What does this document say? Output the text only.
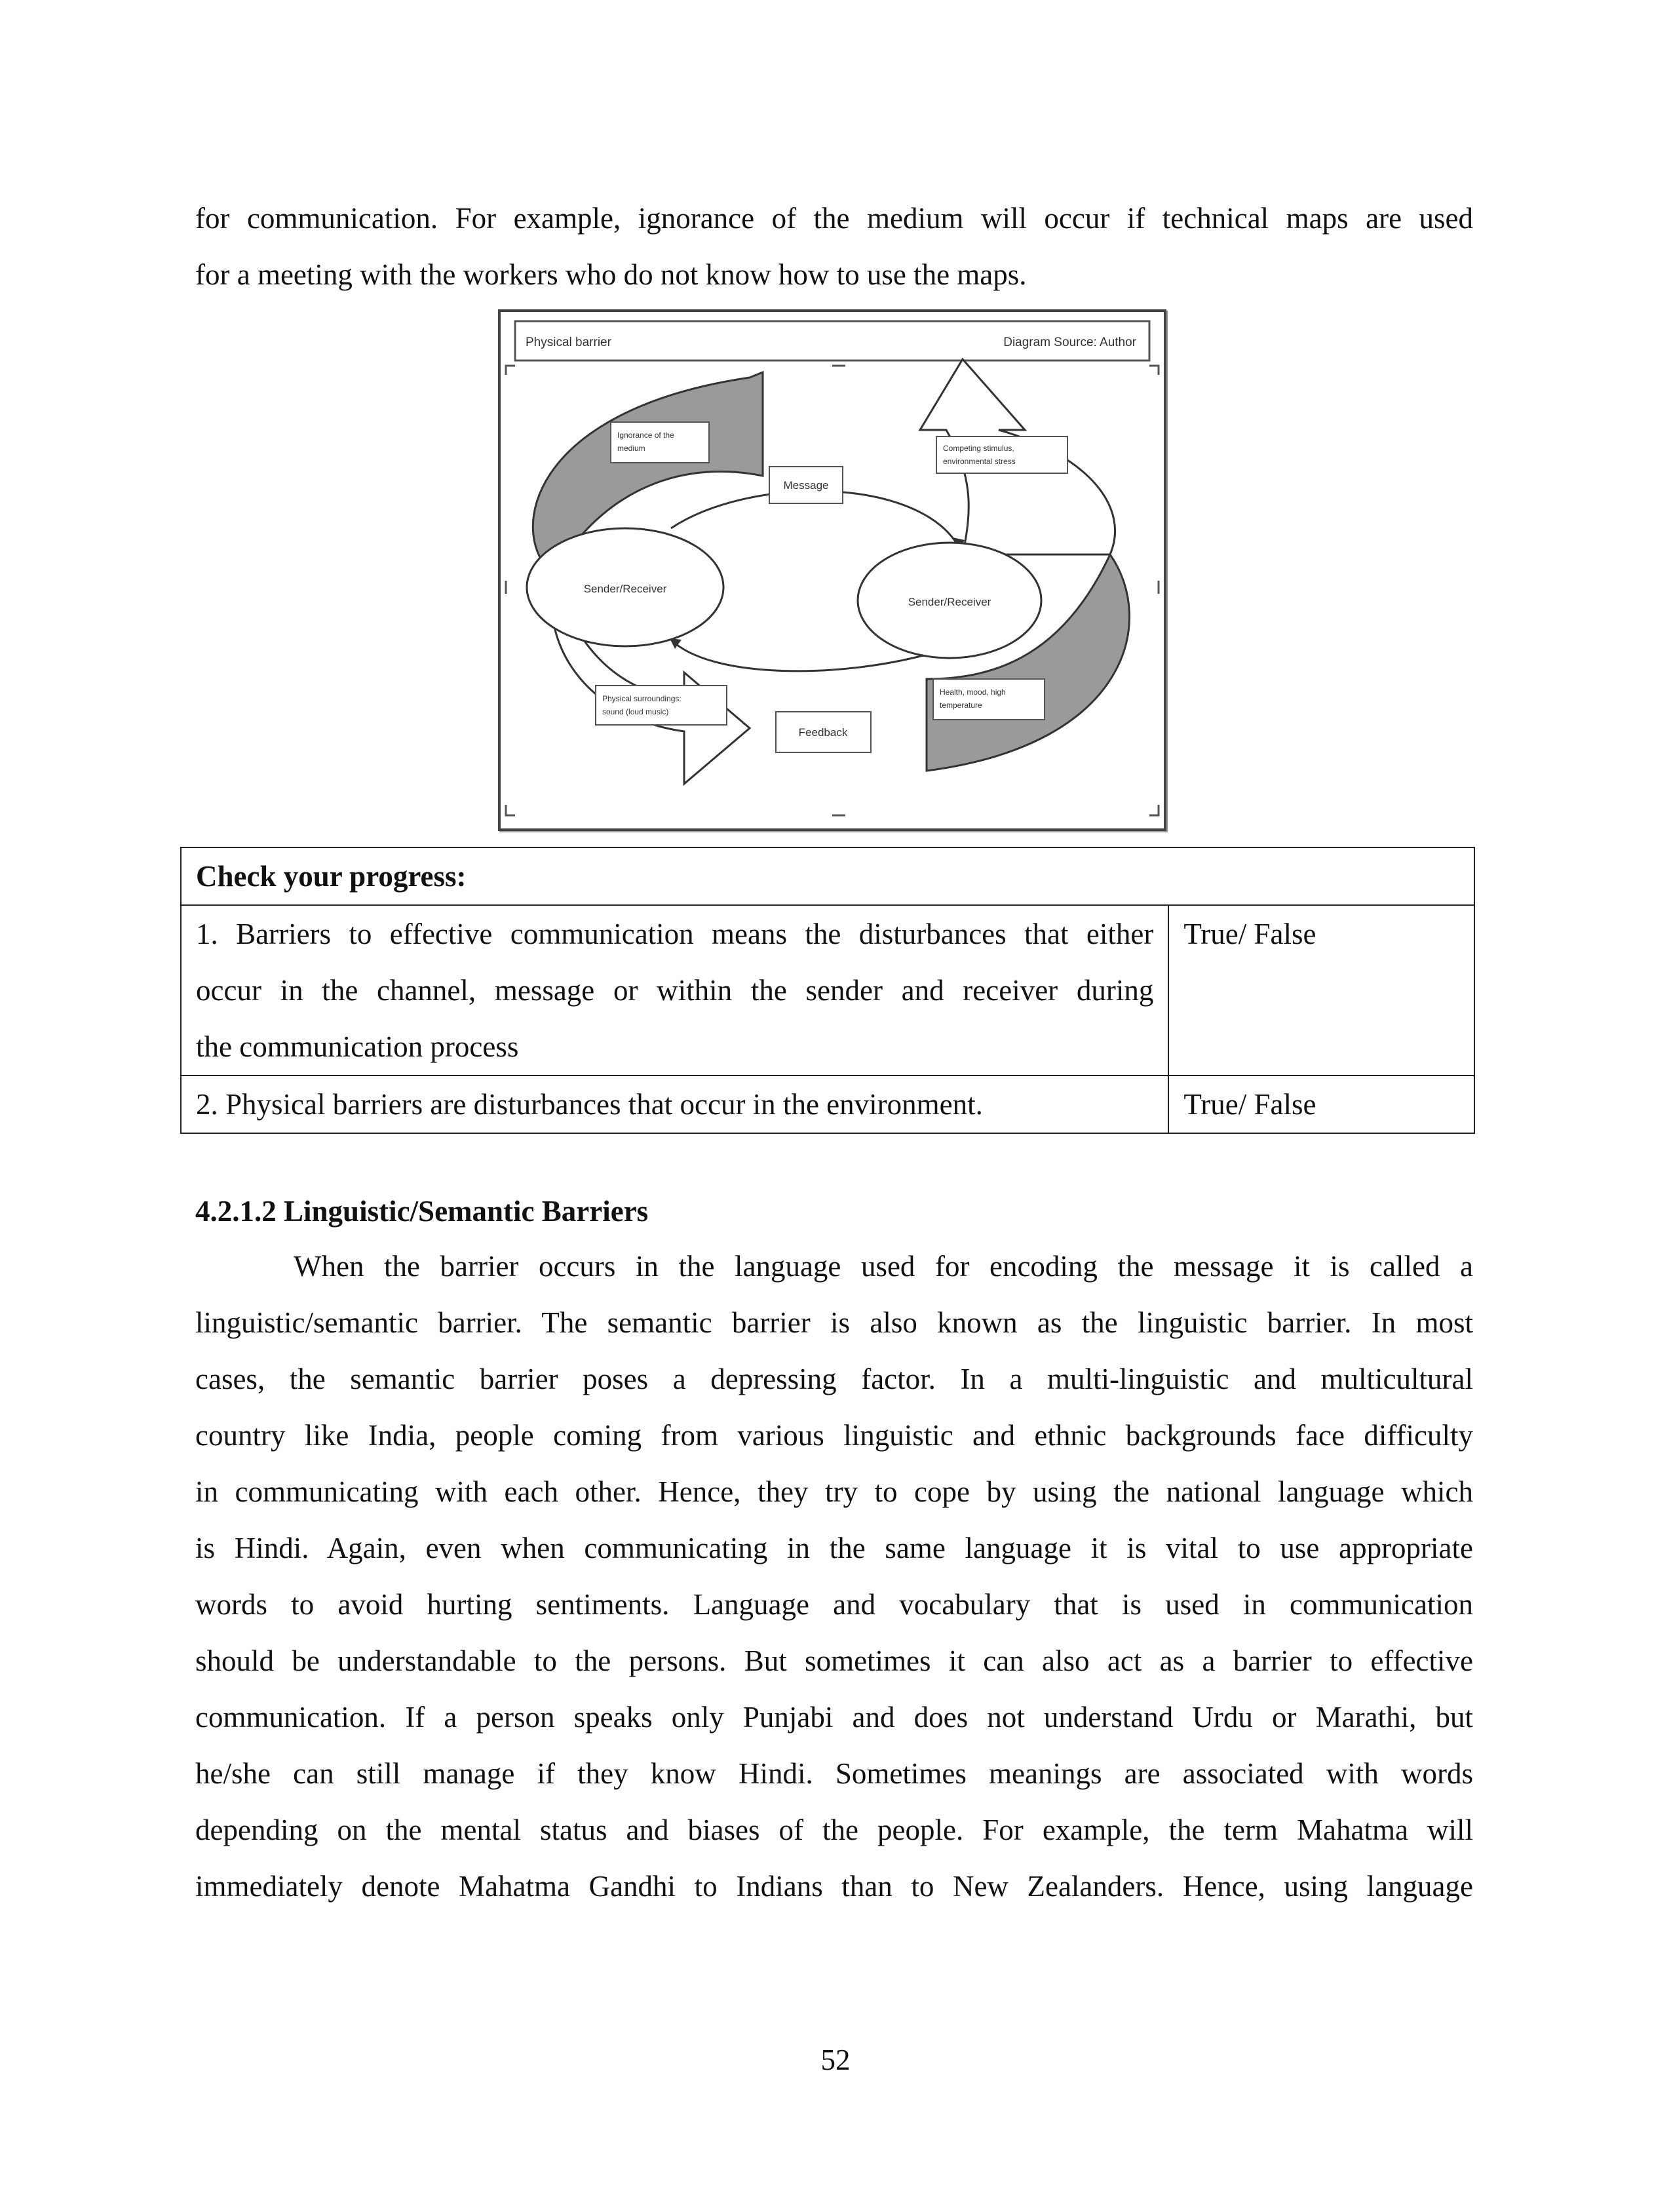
for communication. For example, ignorance of the medium will occur if technical maps are used
for a meeting with the workers who do not know how to use the maps.
Physical barrier	Diagram Source: Author
Sender/Receiver
Sender/Receiver
Ignorance of the
medium
Message
Competing stimulus,
environmental stress
Physical surroundings:
sound (loud music)
Health, mood, high
temperature
Feedback
Check your progress:	

1. Barriers to effective communication means the disturbances that either
occur in the channel, message or within the sender and receiver during
the communication process	True/ False

2. Physical barriers are disturbances that occur in the environment.	True/ False
4.2.1.2 Linguistic/Semantic Barriers
When the barrier occurs in the language used for encoding the message it is called a
linguistic/semantic barrier. The semantic barrier is also known as the linguistic barrier. In most
cases, the semantic barrier poses a depressing factor. In a multi-linguistic and multicultural
country like India, people coming from various linguistic and ethnic backgrounds face difficulty
in communicating with each other. Hence, they try to cope by using the national language which
is Hindi. Again, even when communicating in the same language it is vital to use appropriate
words to avoid hurting sentiments. Language and vocabulary that is used in communication
should be understandable to the persons. But sometimes it can also act as a barrier to effective
communication. If a person speaks only Punjabi and does not understand Urdu or Marathi, but
he/she can still manage if they know Hindi. Sometimes meanings are associated with words
depending on the mental status and biases of the people. For example, the term Mahatma will
immediately denote Mahatma Gandhi to Indians than to New Zealanders. Hence, using language
52
